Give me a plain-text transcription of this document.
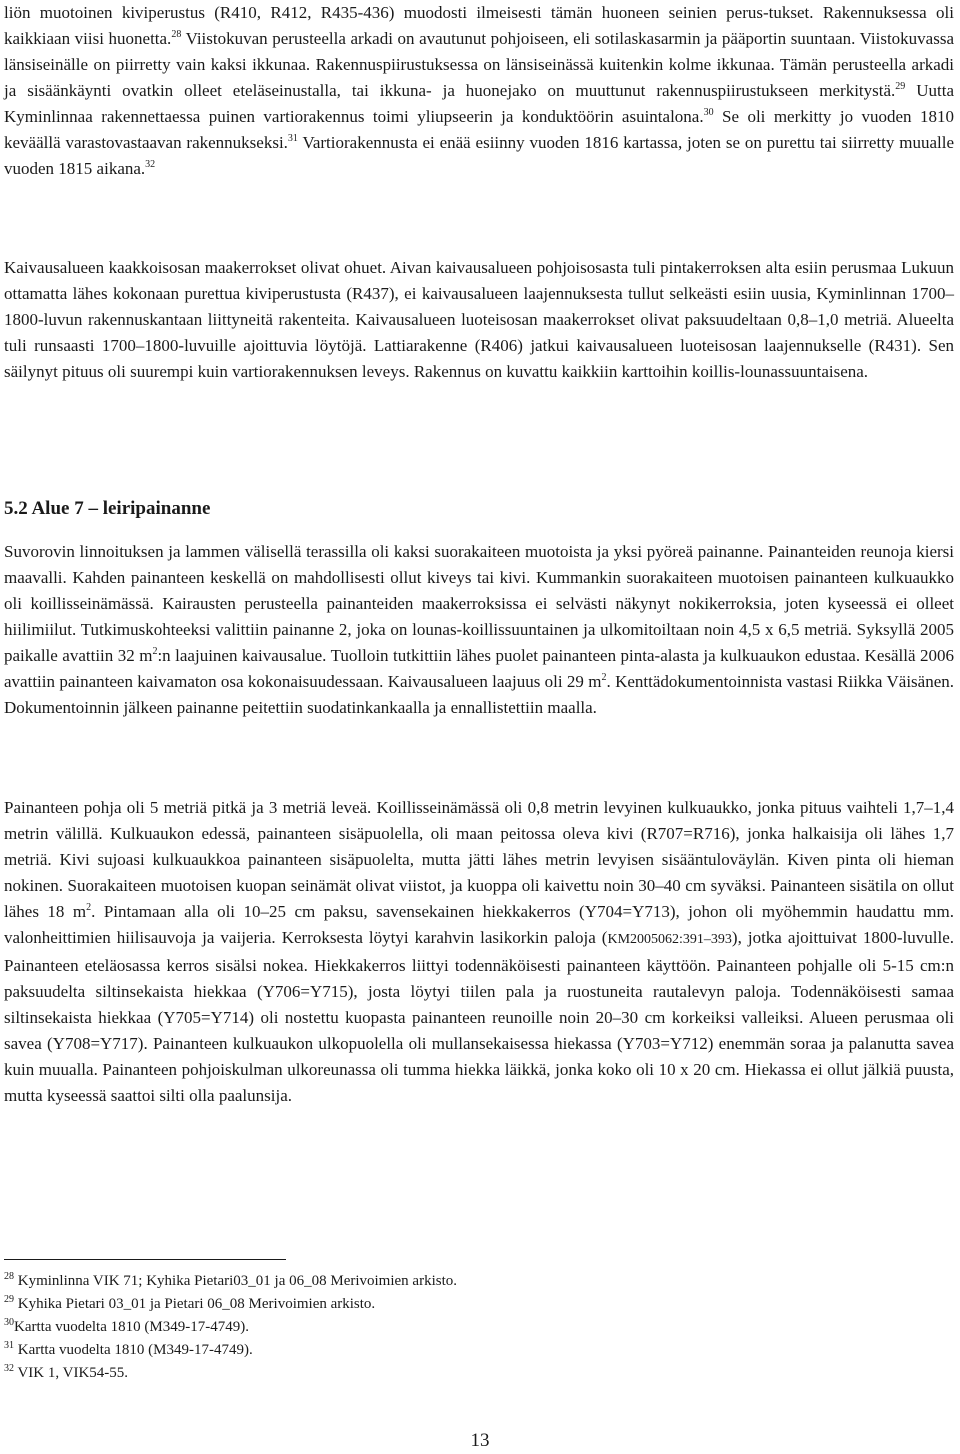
liön muotoinen kiviperustus (R410, R412, R435-436) muodosti ilmeisesti tämän huoneen seinien perus-tukset. Rakennuksessa oli kaikkiaan viisi huonetta.$^{28}$ Viistokuvan perusteella arkadi on avautunut pohjoiseen, eli sotilaskasarmin ja pääportin suuntaan. Viistokuvassa länsiseinälle on piirretty vain kaksi ikkunaa. Rakennuspiirustuksessa on länsiseinässä kuitenkin kolme ikkunaa. Tämän perusteella arkadi ja sisäänkäynti ovatkin olleet eteläseinustalla, tai ikkuna- ja huonejako on muuttunut rakennuspiirustukseen merkitystä.$^{29}$ Uutta Kyminlinnaa rakennettaessa puinen vartiorakennus toimi yliupseerin ja konduktöörin asuintalona.$^{30}$ Se oli merkitty jo vuoden 1810 keväällä varastovastaavan rakennukseksi.$^{31}$ Vartiorakennusta ei enää esiinny vuoden 1816 kartassa, joten se on purettu tai siirretty muualle vuoden 1815 aikana.$^{32}$

Kaivausalueen kaakkoisosan maakerrokset olivat ohuet. Aivan kaivausalueen pohjoisosasta tuli pintakerroksen alta esiin perusmaa Lukuun ottamatta lähes kokonaan purettua kiviperustusta (R437), ei kaivausalueen laajennuksesta tullut selkeästi esiin uusia, Kyminlinnan 1700–1800-luvun rakennuskantaan liittyneitä rakenteita. Kaivausalueen luoteisosan maakerrokset olivat paksuudeltaan 0,8–1,0 metriä. Alueelta tuli runsaasti 1700–1800-luvuille ajoittuvia löytöjä. Lattiarakenne (R406) jatkui kaivausalueen luoteisosan laajennukselle (R431). Sen säilynyt pituus oli suurempi kuin vartiorakennuksen leveys. Rakennus on kuvattu kaikkiin karttoihin koillis-lounassuuntaisena.

5.2 Alue 7 – leiripainanne

Suvorovin linnoituksen ja lammen välisellä terassilla oli kaksi suorakaiteen muotoista ja yksi pyöreä painanne. Painanteiden reunoja kiersi maavalli. Kahden painanteen keskellä on mahdollisesti ollut kiveys tai kivi. Kummankin suorakaiteen muotoisen painanteen kulkuaukko oli koillisseinämässä. Kairausten perusteella painanteiden maakerroksissa ei selvästi näkynyt nokikerroksia, joten kyseessä ei olleet hiilimiilut. Tutkimuskohteeksi valittiin painanne 2, joka on lounas-koillissuuntainen ja ulkomitoiltaan noin 4,5 x 6,5 metriä. Syksyllä 2005 paikalle avattiin 32 $m^2:n$ laajuinen kaivausalue. Tuolloin tutkittiin lähes puolet painanteen pinta-alasta ja kulkuaukon edustaa. Kesällä 2006 avattiin painanteen kaivamaton osa kokonaisuudessaan. Kaivausalueen laajuus oli 29 $m^2$. Kenttädokumentoinnista vastasi Riikka Väisänen. Dokumentoinnin jälkeen painanne peitettiin suodatinkankaalla ja ennallistettiin maalla.

Painanteen pohja oli 5 metriä pitkä ja 3 metriä leveä. Koillisseinämässä oli 0,8 metrin levyinen kulkuaukko, jonka pituus vaihteli 1,7–1,4 metrin välillä. Kulkuaukon edessä, painanteen sisäpuolella, oli maan peitossa oleva kivi (R707=R716), jonka halkaisija oli lähes 1,7 metriä. Kivi sujoasi kulkuaukkoa painanteen sisäpuolelta, mutta jätti lähes metrin levyisen sisääntuloväylän. Kiven pinta oli hieman nokinen. Suorakaiteen muotoisen kuopan seinämät olivat viistot, ja kuoppa oli kaivettu noin 30–40 cm syväksi. Painanteen sisätila on ollut lähes 18 $m^2$. Pintamaan alla oli 10–25 cm paksu, savensekainen hiekkakerros (Y704=Y713), johon oli myöhemmin haudattu mm. valonheittimien hiilisauvoja ja vaijeria. Kerroksesta löytyi karahvin lasikorkin paloja (KM2005062:391–393), jotka ajoittuivat 1800-luvulle. Painanteen eteläosassa kerros sisälsi nokea. Hiekkakerros liittyi todennäköisesti painanteen käyttöön. Painanteen pohjalle oli 5-15 cm:n paksuudelta siltinsekaista hiekkaa (Y706=Y715), josta löytyi tiilen pala ja ruostuneita rautalevyn paloja. Todennäköisesti samaa siltinsekaista hiekkaa (Y705=Y714) oli nostettu kuopasta painanteen reunoille noin 20–30 cm korkeiksi valleiksi. Alueen perusmaa oli savea (Y708=Y717). Painanteen kulkuaukon ulkopuolella oli mullansekaisessa hiekassa (Y703=Y712) enemmän soraa ja palanutta savea kuin muualla. Painanteen pohjoiskulman ulkoreunassa oli tumma hiekka läikkä, jonka koko oli 10 x 20 cm. Hiekassa ei ollut jälkiä puusta, mutta kyseessä saattoi silti olla paalunsija.

$^{28}$ Kyminlinna VIK 71; Kyhika Pietari03_01 ja 06_08 Merivoimien arkisto.
$^{29}$ Kyhika Pietari 03_01 ja Pietari 06_08 Merivoimien arkisto.
$^{30}$Kartta vuodelta 1810 (M349-17-4749).
$^{31}$ Kartta vuodelta 1810 (M349-17-4749).
$^{32}$ VIK 1, VIK54-55.
13
